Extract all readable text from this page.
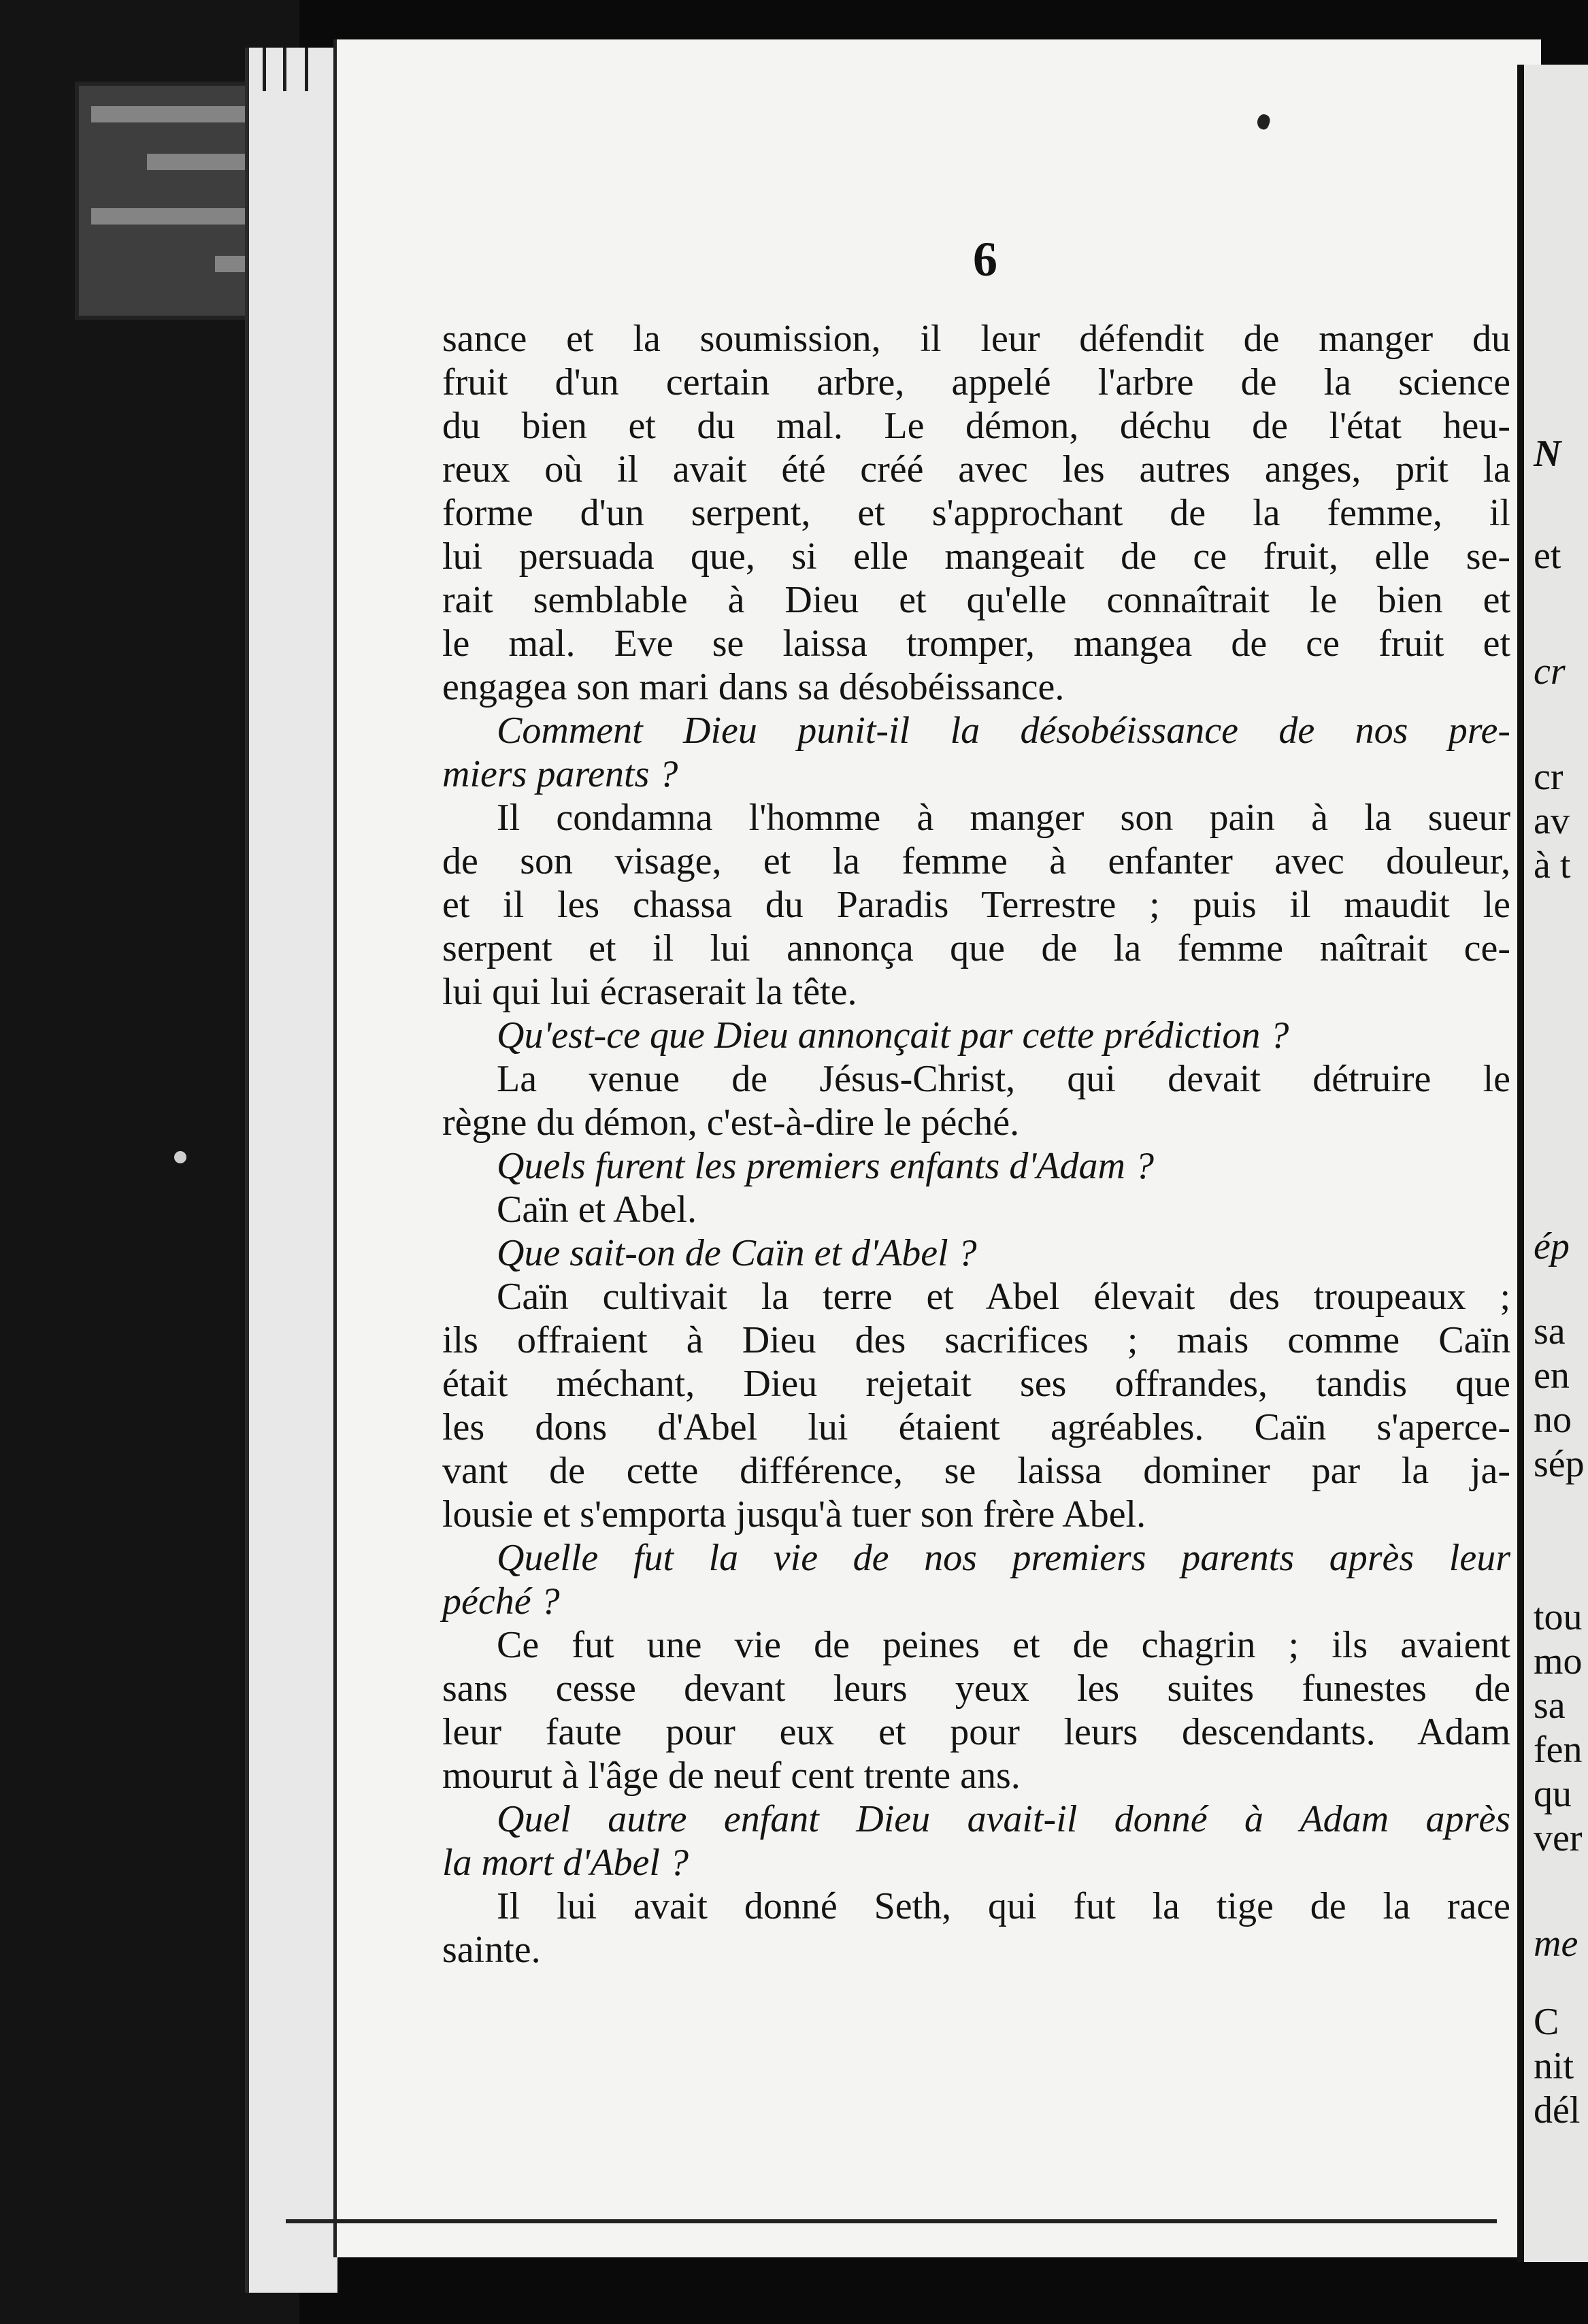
N
et
cr
cr
av
à t
ép
sa
en
no
sép
tou
mo
sa
fen
qu
ver
me
C
nit
dél
6
sance et la soumission, il leur défendit de manger du
fruit d'un certain arbre, appelé l'arbre de la science
du bien et du mal. Le démon, déchu de l'état heu-
reux où il avait été créé avec les autres anges, prit la
forme d'un serpent, et s'approchant de la femme, il
lui persuada que, si elle mangeait de ce fruit, elle se-
rait semblable à Dieu et qu'elle connaîtrait le bien et
le mal. Eve se laissa tromper, mangea de ce fruit et
engagea son mari dans sa désobéissance.
Comment Dieu punit-il la désobéissance de nos pre-
miers parents ?
Il condamna l'homme à manger son pain à la sueur
de son visage, et la femme à enfanter avec douleur,
et il les chassa du Paradis Terrestre ; puis il maudit le
serpent et il lui annonça que de la femme naîtrait ce-
lui qui lui écraserait la tête.
Qu'est-ce que Dieu annonçait par cette prédiction ?
La venue de Jésus-Christ, qui devait détruire le
règne du démon, c'est-à-dire le péché.
Quels furent les premiers enfants d'Adam ?
Caïn et Abel.
Que sait-on de Caïn et d'Abel ?
Caïn cultivait la terre et Abel élevait des troupeaux ;
ils offraient à Dieu des sacrifices ; mais comme Caïn
était méchant, Dieu rejetait ses offrandes, tandis que
les dons d'Abel lui étaient agréables. Caïn s'aperce-
vant de cette différence, se laissa dominer par la ja-
lousie et s'emporta jusqu'à tuer son frère Abel.
Quelle fut la vie de nos premiers parents après leur
péché ?
Ce fut une vie de peines et de chagrin ; ils avaient
sans cesse devant leurs yeux les suites funestes de
leur faute pour eux et pour leurs descendants. Adam
mourut à l'âge de neuf cent trente ans.
Quel autre enfant Dieu avait-il donné à Adam après
la mort d'Abel ?
Il lui avait donné Seth, qui fut la tige de la race
sainte.
